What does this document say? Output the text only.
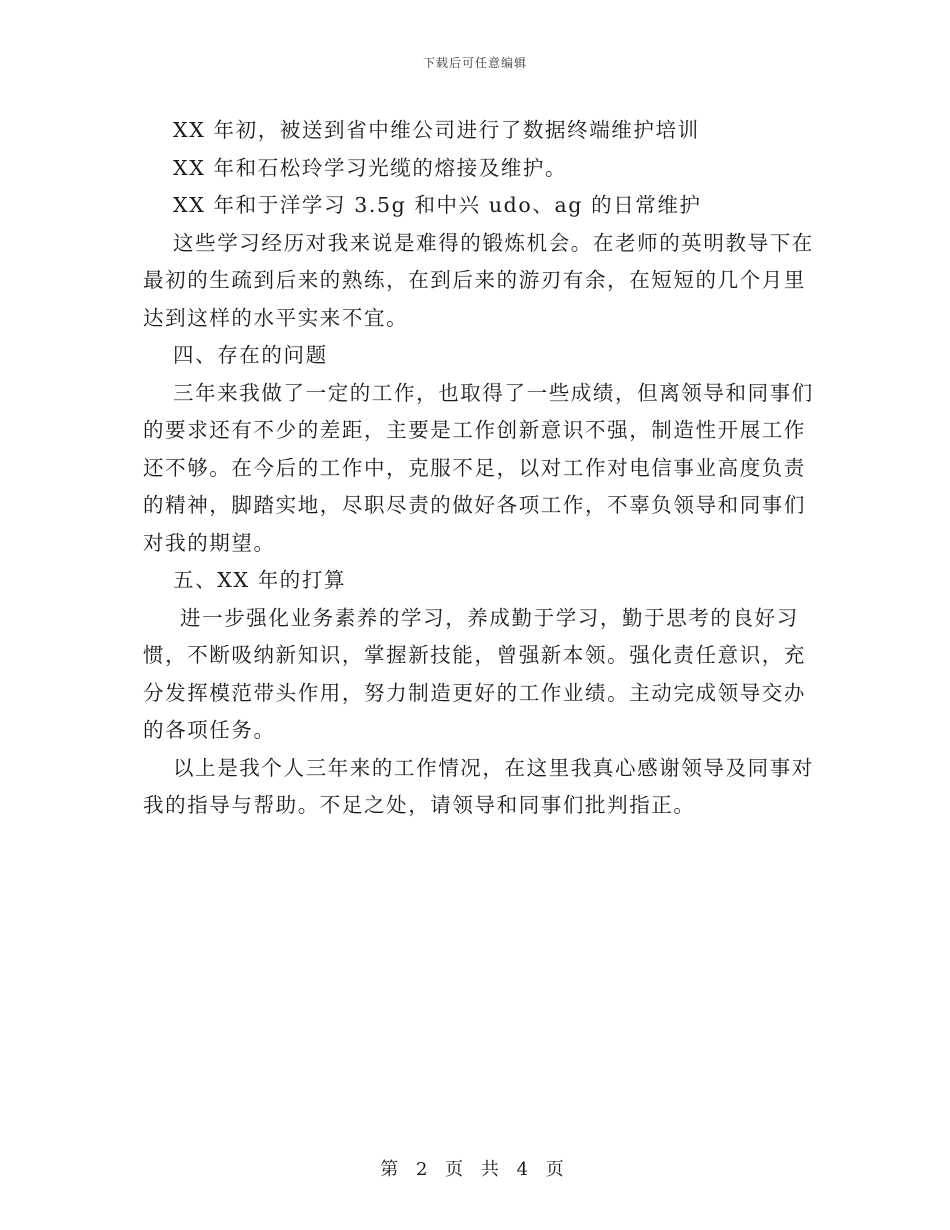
下载后可任意编辑
XX 年初，被送到省中维公司进行了数据终端维护培训
XX 年和石松玲学习光缆的熔接及维护。
XX 年和于洋学习 3.5g 和中兴 udo、ag 的日常维护
这些学习经历对我来说是难得的锻炼机会。在老师的英明教导下在
最初的生疏到后来的熟练，在到后来的游刃有余，在短短的几个月里
达到这样的水平实来不宜。
四、存在的问题
三年来我做了一定的工作，也取得了一些成绩，但离领导和同事们
的要求还有不少的差距，主要是工作创新意识不强，制造性开展工作
还不够。在今后的工作中，克服不足，以对工作对电信事业高度负责
的精神，脚踏实地，尽职尽责的做好各项工作，不辜负领导和同事们
对我的期望。
五、XX 年的打算
进一步强化业务素养的学习，养成勤于学习，勤于思考的良好习
惯，不断吸纳新知识，掌握新技能，曾强新本领。强化责任意识，充
分发挥模范带头作用，努力制造更好的工作业绩。主动完成领导交办
的各项任务。
以上是我个人三年来的工作情况，在这里我真心感谢领导及同事对
我的指导与帮助。不足之处，请领导和同事们批判指正。
第 2 页 共 4 页
